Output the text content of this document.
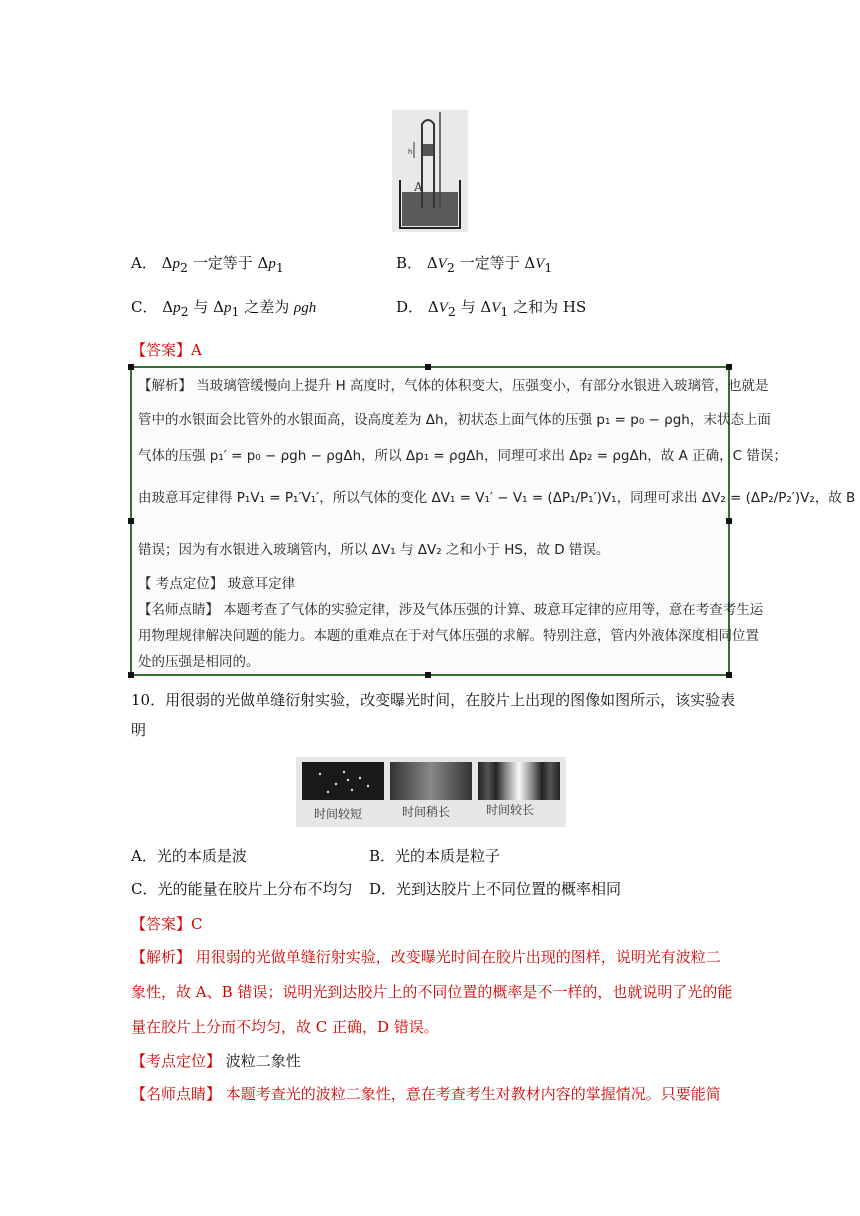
h
A
A． $\Delta p_2$ 一定等于 $\Delta p_1$	B． $\Delta V_2$ 一定等于 $\Delta V_1$
C． $\Delta p_2$ 与 $\Delta p_1$ 之差为 ρgh	D． $\Delta V_2$ 与 $\Delta V_1$ 之和为 HS
【答案】A
【解析】 当玻璃管缓慢向上提升 H 高度时，气体的体积变大，压强变小，有部分水银进入玻璃管，也就是
管中的水银面会比管外的水银面高，设高度差为 Δh，初状态上面气体的压强 p₁ = p₀ − ρgh，末状态上面
气体的压强 p₁′ = p₀ − ρgh − ρgΔh，所以 Δp₁ = ρgΔh，同理可求出 Δp₂ = ρgΔh，故 A 正确，C 错误；
由玻意耳定律得 P₁V₁ = P₁′V₁′，所以气体的变化 ΔV₁ = V₁′ − V₁ = (ΔP₁/P₁′)V₁，同理可求出 ΔV₂ = (ΔP₂/P₂′)V₂，故 B
错误；因为有水银进入玻璃管内，所以 ΔV₁ 与 ΔV₂ 之和小于 HS，故 D 错误。
【 考点定位】 玻意耳定律
【名师点睛】 本题考查了气体的实验定律，涉及气体压强的计算、玻意耳定律的应用等，意在考查考生运
用物理规律解决问题的能力。本题的重难点在于对气体压强的求解。特别注意，管内外液体深度相同位置
处的压强是相同的。
10．用很弱的光做单缝衍射实验，改变曝光时间，在胶片上出现的图像如图所示，该实验表
明
时间较短	时间稍长	时间较长
A．光的本质是波	B．光的本质是粒子
C．光的能量在胶片上分布不均匀 D．光到达胶片上不同位置的概率相同
【答案】C
【解析】 用很弱的光做单缝衍射实验，改变曝光时间在胶片出现的图样，说明光有波粒二
象性，故 A、B 错误；说明光到达胶片上的不同位置的概率是不一样的，也就说明了光的能
量在胶片上分而不均匀，故 C 正确，D 错误。
【考点定位】 波粒二象性
【名师点睛】 本题考查光的波粒二象性，意在考查考生对教材内容的掌握情况。只要能简
